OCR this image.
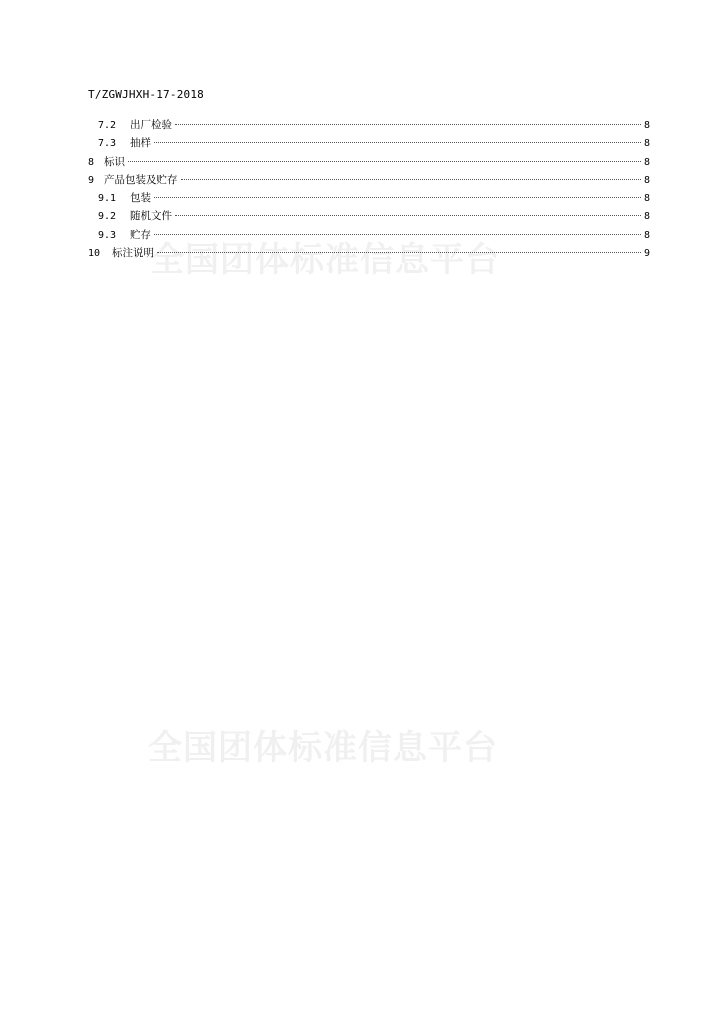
T/ZGWJHXH-17-2018
全国团体标准信息平台
全国团体标准信息平台
7.2	出厂检验	8
7.3	抽样	8
8 标识	8
9 产品包装及贮存	8
9.1	包装	8
9.2	随机文件	8
9.3	贮存	8
10	标注说明	9
